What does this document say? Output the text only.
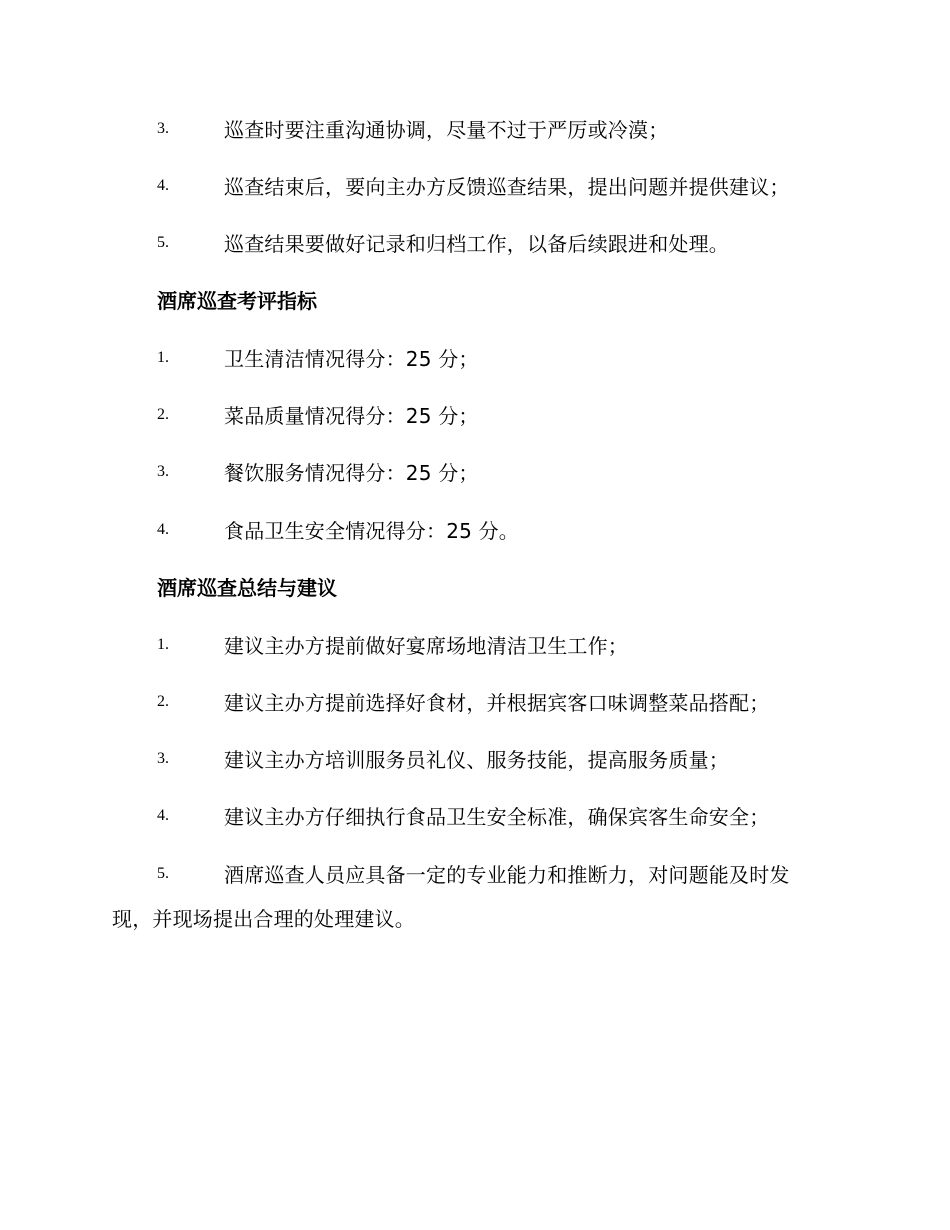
3.	巡查时要注重沟通协调，尽量不过于严厉或冷漠；
4.	巡查结束后，要向主办方反馈巡查结果，提出问题并提供建议；
5.	巡查结果要做好记录和归档工作，以备后续跟进和处理。
酒席巡查考评指标
1.	卫生清洁情况得分：25 分；
2.	菜品质量情况得分：25 分；
3.	餐饮服务情况得分：25 分；
4.	食品卫生安全情况得分：25 分。
酒席巡查总结与建议
1.	建议主办方提前做好宴席场地清洁卫生工作；
2.	建议主办方提前选择好食材，并根据宾客口味调整菜品搭配；
3.	建议主办方培训服务员礼仪、服务技能，提高服务质量；
4.	建议主办方仔细执行食品卫生安全标准，确保宾客生命安全；
5.	酒席巡查人员应具备一定的专业能力和推断力，对问题能及时发
现，并现场提出合理的处理建议。
